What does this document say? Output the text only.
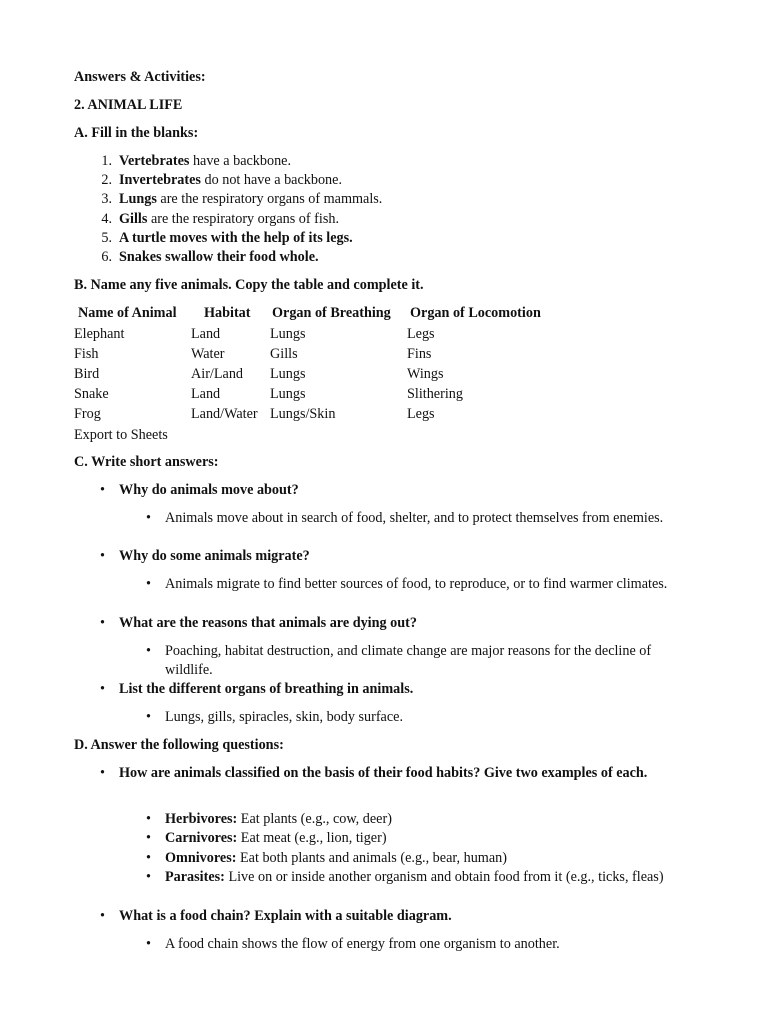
Answers & Activities:
2. ANIMAL LIFE
A. Fill in the blanks:
1. Vertebrates have a backbone.
2. Invertebrates do not have a backbone.
3. Lungs are the respiratory organs of mammals.
4. Gills are the respiratory organs of fish.
5. A turtle moves with the help of its legs.
6. Snakes swallow their food whole.
B. Name any five animals. Copy the table and complete it.
Name of Animal	Habitat	Organ of Breathing	Organ of Locomotion
Elephant	Land	Lungs	Legs
Fish	Water	Gills	Fins
Bird	Air/Land	Lungs	Wings
Snake	Land	Lungs	Slithering
Frog	Land/Water	Lungs/Skin	Legs
Export to Sheets
C. Write short answers:
• Why do animals move about?
• Animals move about in search of food, shelter, and to protect themselves from enemies.
• Why do some animals migrate?
• Animals migrate to find better sources of food, to reproduce, or to find warmer climates.
• What are the reasons that animals are dying out?
• Poaching, habitat destruction, and climate change are major reasons for the decline of wildlife.
• List the different organs of breathing in animals.
• Lungs, gills, spiracles, skin, body surface.
D. Answer the following questions:
• How are animals classified on the basis of their food habits? Give two examples of each.
• Herbivores: Eat plants (e.g., cow, deer)
• Carnivores: Eat meat (e.g., lion, tiger)
• Omnivores: Eat both plants and animals (e.g., bear, human)
• Parasites: Live on or inside another organism and obtain food from it (e.g., ticks, fleas)
• What is a food chain? Explain with a suitable diagram.
• A food chain shows the flow of energy from one organism to another.
